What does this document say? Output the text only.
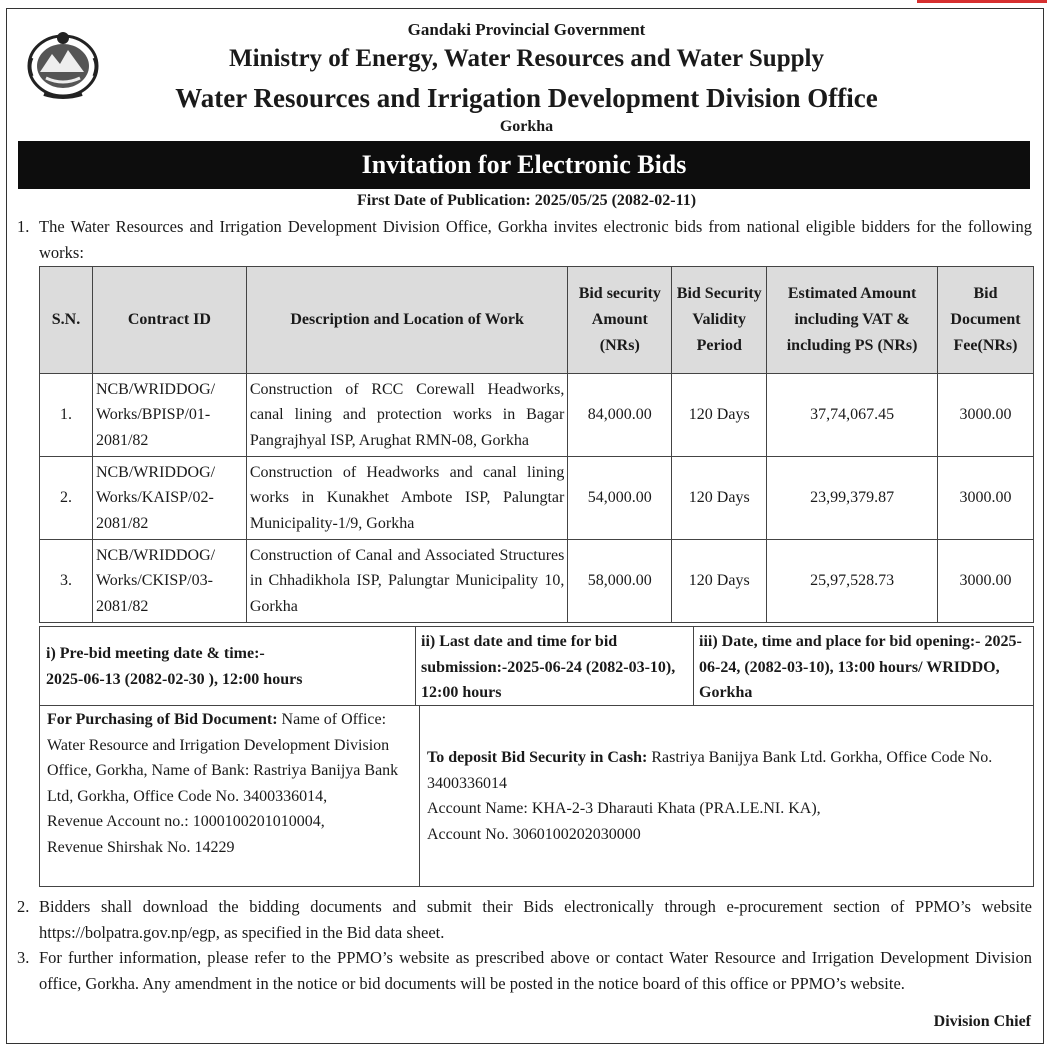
Gandaki Provincial Government
Ministry of Energy, Water Resources and Water Supply
Water Resources and Irrigation Development Division Office
Gorkha
Invitation for Electronic Bids
First Date of Publication: 2025/05/25 (2082-02-11)
1. The Water Resources and Irrigation Development Division Office, Gorkha invites electronic bids from national eligible bidders for the following works:
S.N.	Contract ID	Description and Location of Work	Bid security Amount (NRs)	Bid Security Validity Period	Estimated Amount including VAT & including PS (NRs)	Bid Document Fee(NRs)
1.	NCB/WRIDDOG/ Works/BPISP/01-2081/82	Construction of RCC Corewall Headworks, canal lining and protection works in Bagar Pangrajhyal ISP, Arughat RMN-08, Gorkha	84,000.00	120 Days	37,74,067.45	3000.00
2.	NCB/WRIDDOG/ Works/KAISP/02-2081/82	Construction of Headworks and canal lining works in Kunakhet Ambote ISP, Palungtar Municipality-1/9, Gorkha	54,000.00	120 Days	23,99,379.87	3000.00
3.	NCB/WRIDDOG/ Works/CKISP/03-2081/82	Construction of Canal and Associated Structures in Chhadikhola ISP, Palungtar Municipality 10, Gorkha	58,000.00	120 Days	25,97,528.73	3000.00
i) Pre-bid meeting date & time:-
2025-06-13 (2082-02-30 ), 12:00 hours
ii) Last date and time for bid submission:-2025-06-24 (2082-03-10), 12:00 hours
iii) Date, time and place for bid opening:- 2025-06-24, (2082-03-10), 13:00 hours/ WRIDDO, Gorkha
For Purchasing of Bid Document: Name of Office: Water Resource and Irrigation Development Division Office, Gorkha, Name of Bank: Rastriya Banijya Bank Ltd, Gorkha, Office Code No. 3400336014,
Revenue Account no.: 1000100201010004,
Revenue Shirshak No. 14229
To deposit Bid Security in Cash: Rastriya Banijya Bank Ltd. Gorkha, Office Code No. 3400336014
Account Name: KHA-2-3 Dharauti Khata (PRA.LE.NI. KA),
Account No. 3060100202030000
2. Bidders shall download the bidding documents and submit their Bids electronically through e-procurement section of PPMO’s website https://bolpatra.gov.np/egp, as specified in the Bid data sheet.
3. For further information, please refer to the PPMO’s website as prescribed above or contact Water Resource and Irrigation Development Division office, Gorkha. Any amendment in the notice or bid documents will be posted in the notice board of this office or PPMO’s website.
Division Chief
